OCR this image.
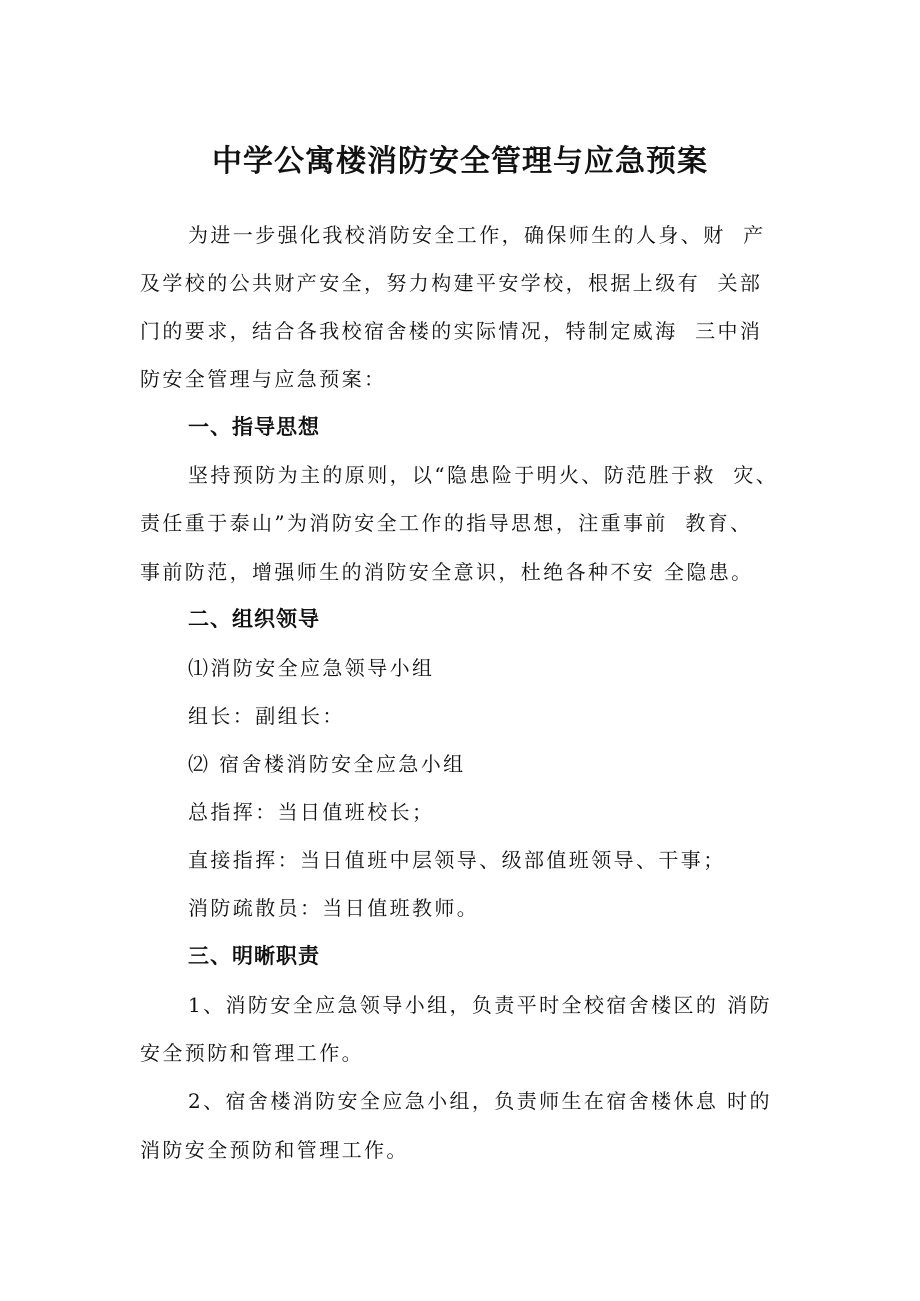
中学公寓楼消防安全管理与应急预案
为进一步强化我校消防安全工作，确保师生的人身、财  产
及学校的公共财产安全，努力构建平安学校，根据上级有  关部
门的要求，结合各我校宿舍楼的实际情况，特制定威海  三中消
防安全管理与应急预案：
一、指导思想
坚持预防为主的原则，以“隐患险于明火、防范胜于救  灾、
责任重于泰山”为消防安全工作的指导思想，注重事前  教育、
事前防范，增强师生的消防安全意识，杜绝各种不安 全隐患。
二、组织领导
⑴消防安全应急领导小组
组长：副组长：
⑵ 宿舍楼消防安全应急小组
总指挥：当日值班校长；
直接指挥：当日值班中层领导、级部值班领导、干事；
消防疏散员：当日值班教师。
三、明晰职责
1、消防安全应急领导小组，负责平时全校宿舍楼区的 消防
安全预防和管理工作。
2、宿舍楼消防安全应急小组，负责师生在宿舍楼休息 时的
消防安全预防和管理工作。
